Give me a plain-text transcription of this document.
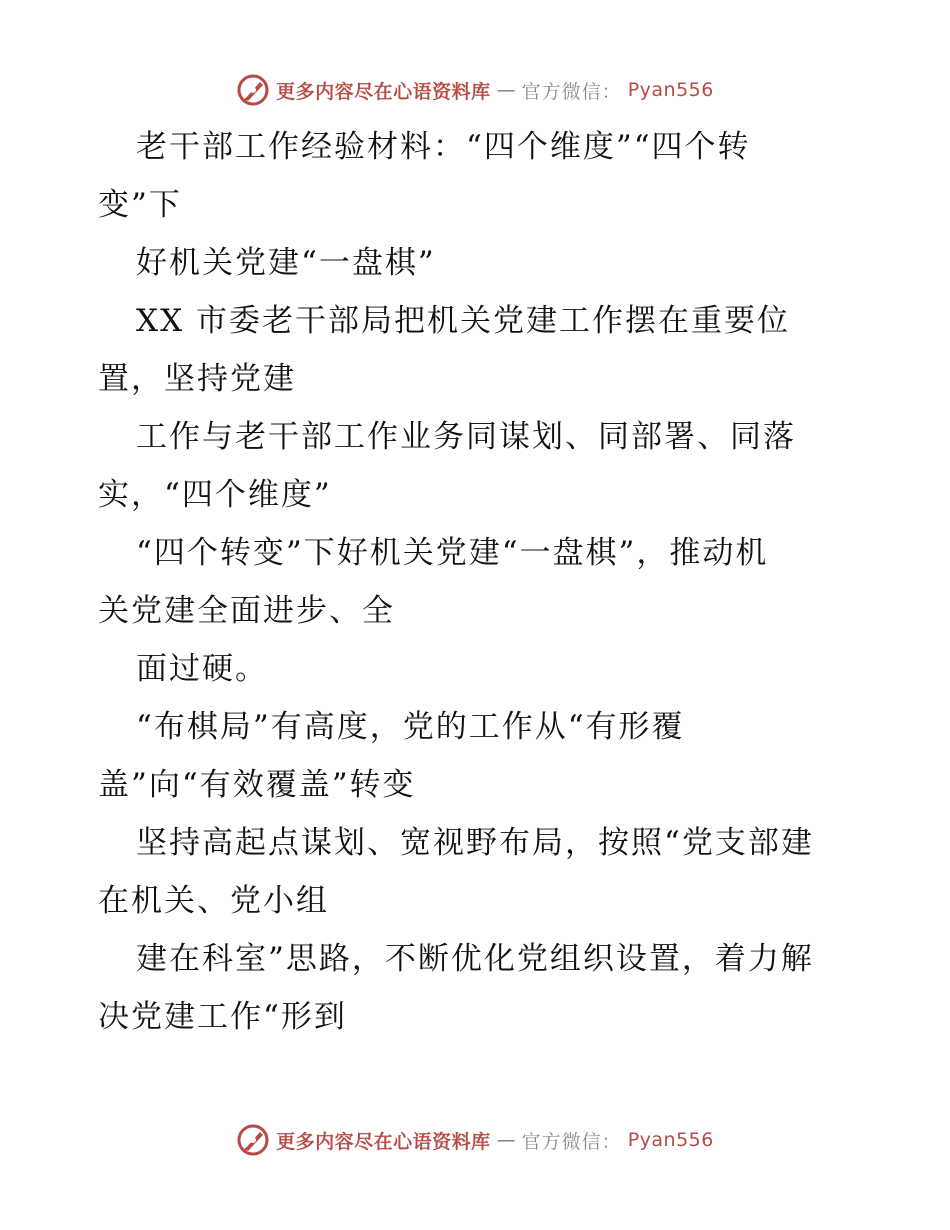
更多内容尽在心语资料库 — 官方微信： Pyan556
老干部工作经验材料：“四个维度”“四个转
变”下
好机关党建“一盘棋”
XX 市委老干部局把机关党建工作摆在重要位
置，坚持党建
工作与老干部工作业务同谋划、同部署、同落
实，“四个维度”
“四个转变”下好机关党建“一盘棋”，推动机
关党建全面进步、全
面过硬。
“布棋局”有高度，党的工作从“有形覆
盖”向“有效覆盖”转变
坚持高起点谋划、宽视野布局，按照“党支部建
在机关、党小组
建在科室”思路，不断优化党组织设置，着力解
决党建工作“形到
更多内容尽在心语资料库 — 官方微信： Pyan556
